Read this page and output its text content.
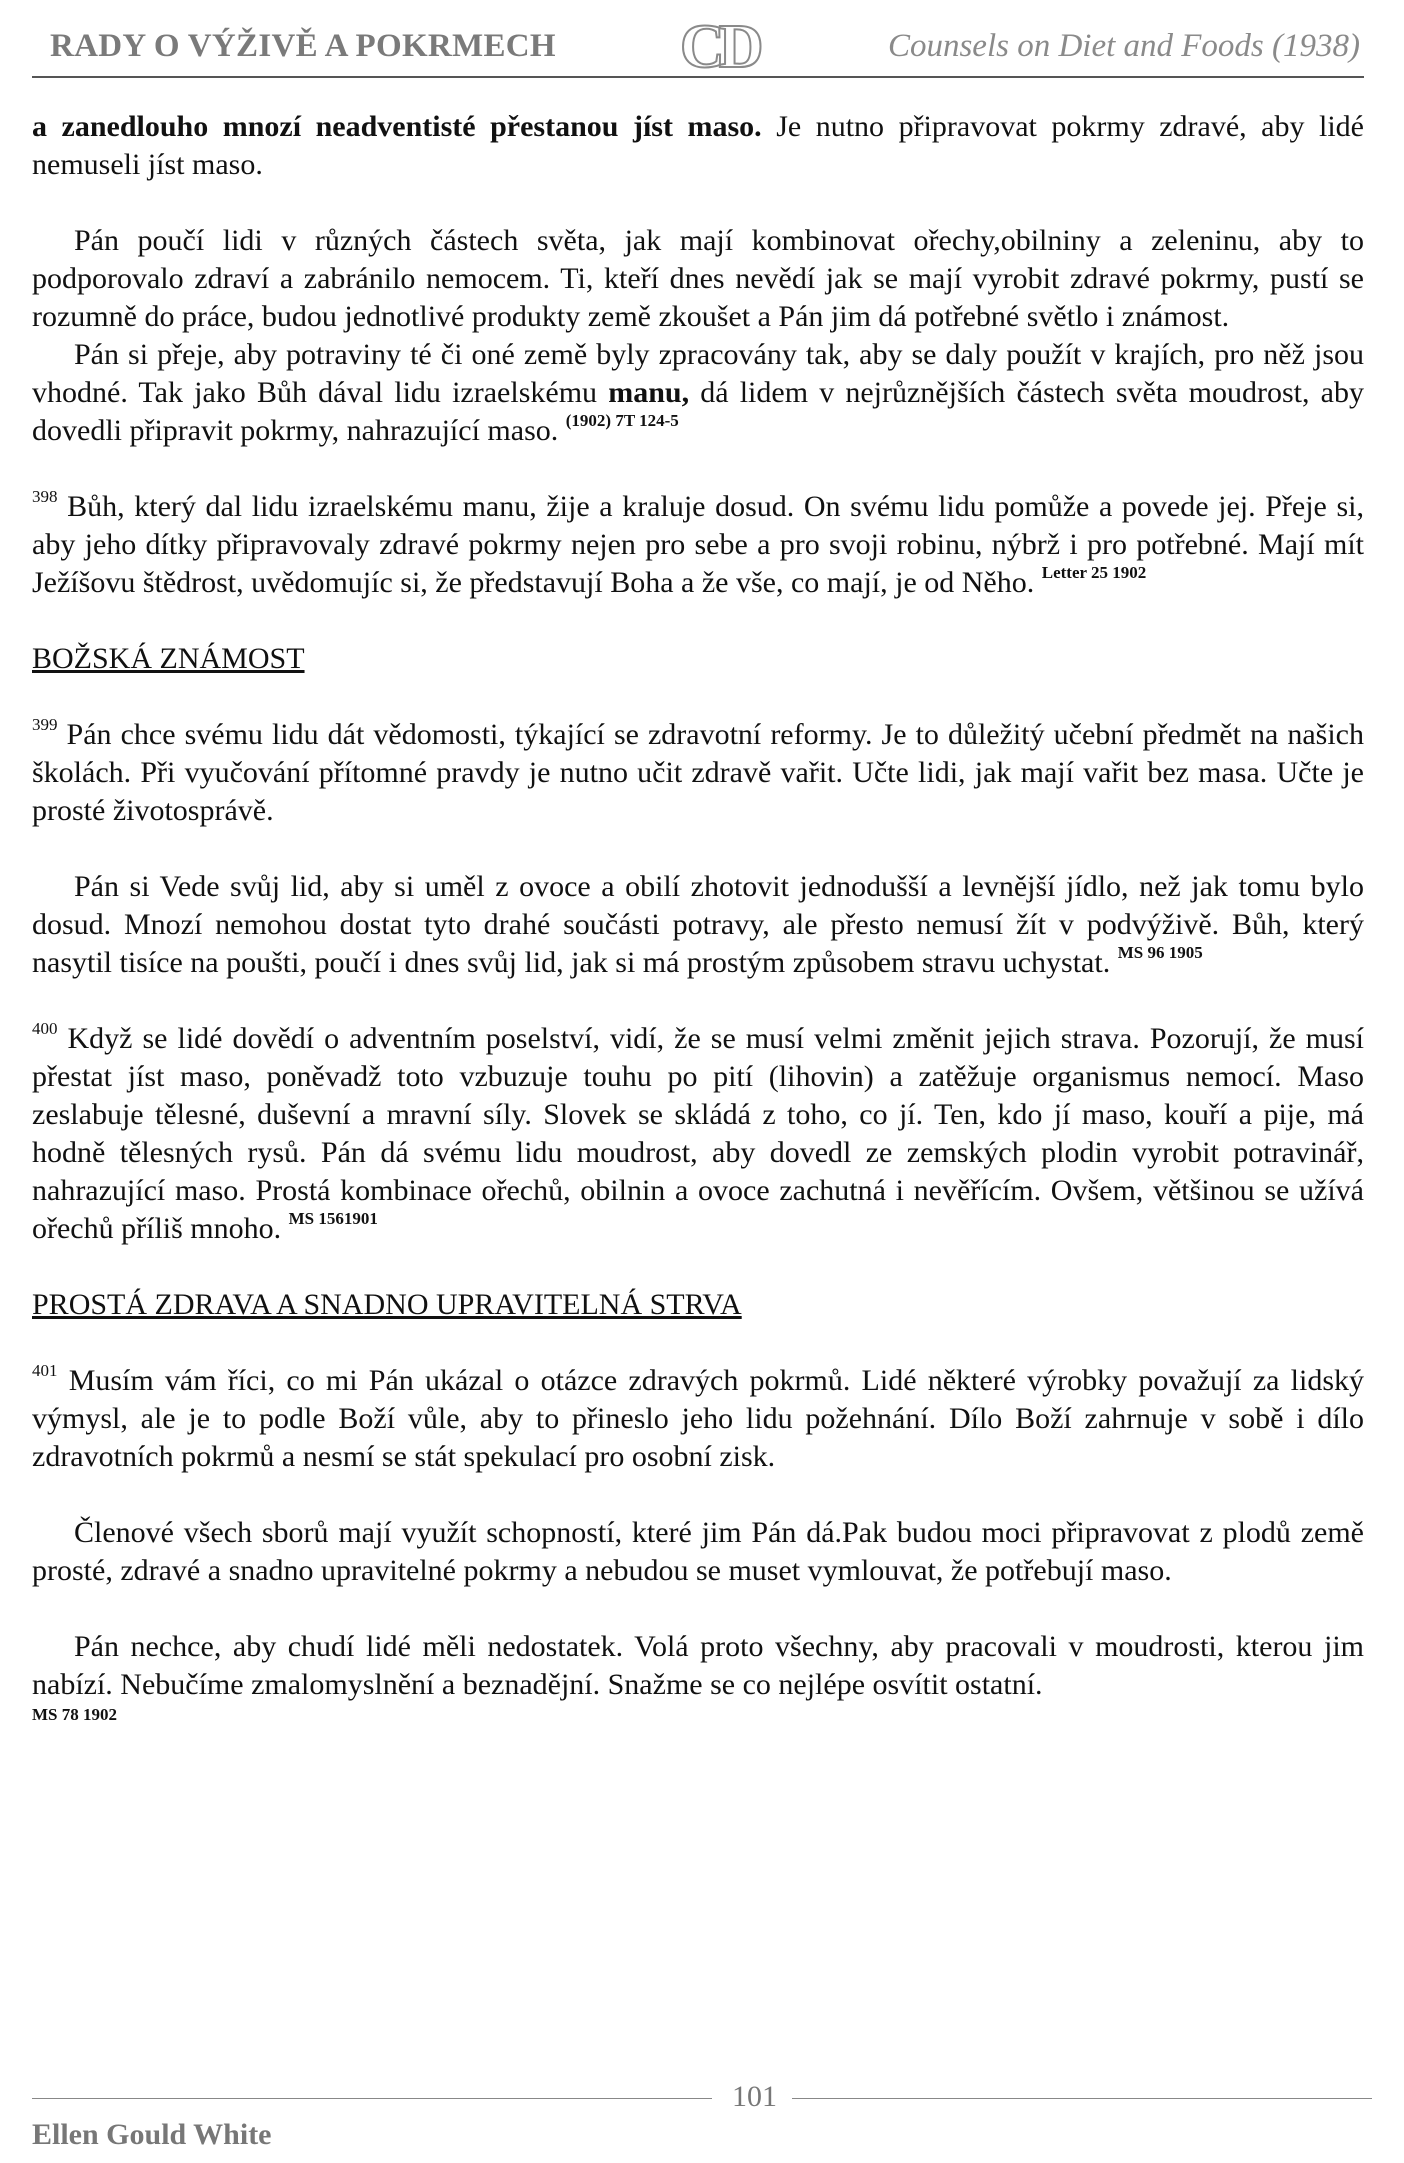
RADY O VÝŽIVĚ A POKRMECH CD	Counsels on Diet and Foods (1938)

a zanedlouho mnozí neadventisté přestanou jíst maso. Je nutno připravovat pokrmy zdravé, aby lidé nemuseli jíst maso.

Pán poučí lidi v různých částech světa, jak mají kombinovat ořechy,obilniny a zeleninu, aby to podporovalo zdraví a zabránilo nemocem. Ti, kteří dnes nevědí jak se mají vyrobit zdravé pokrmy, pustí se rozumně do práce, budou jednotlivé produkty země zkoušet a Pán jim dá potřebné světlo i známost.

Pán si přeje, aby potraviny té či oné země byly zpracovány tak, aby se daly použít v krajích, pro něž jsou vhodné. Tak jako Bůh dával lidu izraelskému manu, dá lidem v nejrůznějších částech světa moudrost, aby dovedli připravit pokrmy, nahrazující maso. $^{(1902) 7T 124-5}$

$^{398}$ Bůh, který dal lidu izraelskému manu, žije a kraluje dosud. On svému lidu pomůže a povede jej. Přeje si, aby jeho dítky připravovaly zdravé pokrmy nejen pro sebe a pro svoji robinu, nýbrž i pro potřebné. Mají mít Ježíšovu štědrost, uvědomujíc si, že představují Boha a že vše, co mají, je od Něho. $^{Letter 25 1902}$

BOŽSKÁ ZNÁMOST

$^{399}$ Pán chce svému lidu dát vědomosti, týkající se zdravotní reformy. Je to důležitý učební předmět na našich školách. Při vyučování přítomné pravdy je nutno učit zdravě vařit. Učte lidi, jak mají vařit bez masa. Učte je prosté životosprávě.

Pán si Vede svůj lid, aby si uměl z ovoce a obilí zhotovit jednodušší a levnější jídlo, než jak tomu bylo dosud. Mnozí nemohou dostat tyto drahé součásti potravy, ale přesto nemusí žít v podvýživě. Bůh, který nasytil tisíce na poušti, poučí i dnes svůj lid, jak si má prostým způsobem stravu uchystat. $^{MS 96 1905}$

$^{400}$ Když se lidé dovědí o adventním poselství, vidí, že se musí velmi změnit jejich strava. Pozorují, že musí přestat jíst maso, poněvadž toto vzbuzuje touhu po pití (lihovin) a zatěžuje organismus nemocí. Maso zeslabuje tělesné, duševní a mravní síly. Slovek se skládá z toho, co jí. Ten, kdo jí maso, kouří a pije, má hodně tělesných rysů. Pán dá svému lidu moudrost, aby dovedl ze zemských plodin vyrobit potravinář, nahrazující maso. Prostá kombinace ořechů, obilnin a ovoce zachutná i nevěřícím. Ovšem, většinou se užívá ořechů příliš mnoho. $^{MS 1561901}$

PROSTÁ ZDRAVA A SNADNO UPRAVITELNÁ STRVA

$^{401}$ Musím vám říci, co mi Pán ukázal o otázce zdravých pokrmů. Lidé některé výrobky považují za lidský výmysl, ale je to podle Boží vůle, aby to přineslo jeho lidu požehnání. Dílo Boží zahrnuje v sobě i dílo zdravotních pokrmů a nesmí se stát spekulací pro osobní zisk.

Členové všech sborů mají využít schopností, které jim Pán dá.Pak budou moci připravovat z plodů země prosté, zdravé a snadno upravitelné pokrmy a nebudou se muset vymlouvat, že potřebují maso.

Pán nechce, aby chudí lidé měli nedostatek. Volá proto všechny, aby pracovali v moudrosti, kterou jim nabízí. Nebučíme zmalomyslnění a beznadějní. Snažme se co nejlépe osvítit ostatní.

MS 78 1902
101
Ellen Gould White
